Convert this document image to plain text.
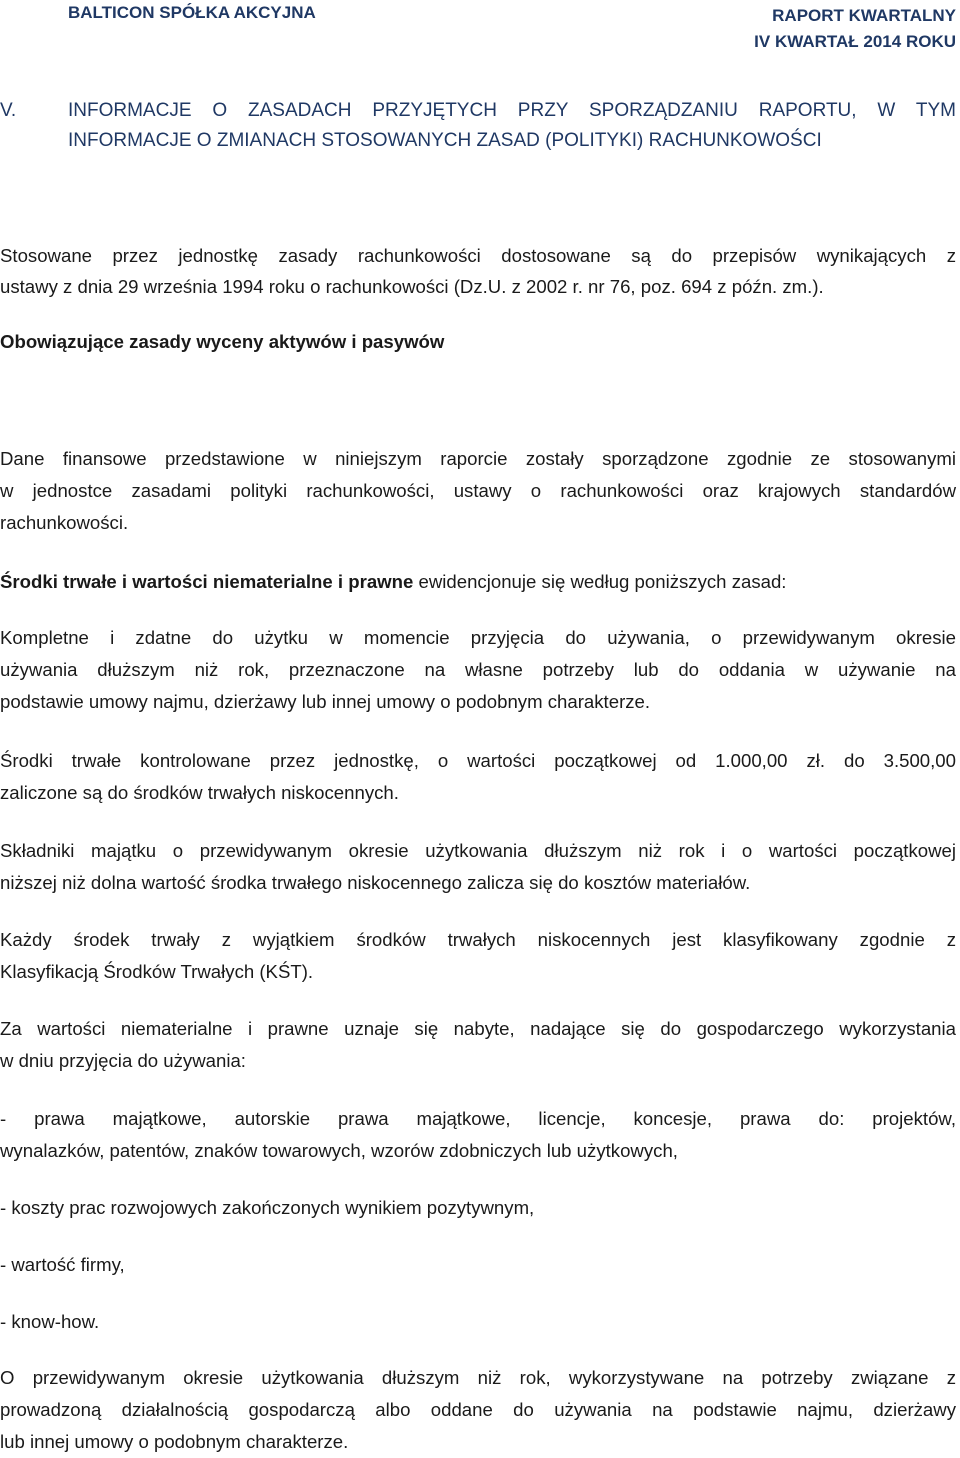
BALTICON SPÓŁKA AKCYJNA	RAPORT KWARTALNY
IV KWARTAŁ 2014 ROKU
V.	INFORMACJE O ZASADACH PRZYJĘTYCH PRZY SPORZĄDZANIU RAPORTU, W TYM
INFORMACJE O ZMIANACH STOSOWANYCH ZASAD (POLITYKI) RACHUNKOWOŚCI
Stosowane przez jednostkę zasady rachunkowości dostosowane są do przepisów wynikających z
ustawy z dnia 29 września 1994 roku o rachunkowości (Dz.U. z 2002 r. nr 76, poz. 694 z późn. zm.).
Obowiązujące zasady wyceny aktywów i pasywów
Dane finansowe przedstawione w niniejszym raporcie zostały sporządzone zgodnie ze stosowanymi
w jednostce zasadami polityki rachunkowości, ustawy o rachunkowości oraz krajowych standardów
rachunkowości.
Środki trwałe i wartości niematerialne i prawne ewidencjonuje się według poniższych zasad:
Kompletne i zdatne do użytku w momencie przyjęcia do używania, o przewidywanym okresie
używania dłuższym niż rok, przeznaczone na własne potrzeby lub do oddania w używanie na
podstawie umowy najmu, dzierżawy lub innej umowy o podobnym charakterze.
Środki trwałe kontrolowane przez jednostkę, o wartości początkowej od 1.000,00 zł. do 3.500,00
zaliczone są do środków trwałych niskocennych.
Składniki majątku o przewidywanym okresie użytkowania dłuższym niż rok i o wartości początkowej
niższej niż dolna wartość środka trwałego niskocennego zalicza się do kosztów materiałów.
Każdy środek trwały z wyjątkiem środków trwałych niskocennych jest klasyfikowany zgodnie z
Klasyfikacją Środków Trwałych (KŚT).
Za wartości niematerialne i prawne uznaje się nabyte, nadające się do gospodarczego wykorzystania
w dniu przyjęcia do używania:
- prawa majątkowe, autorskie prawa majątkowe, licencje, koncesje, prawa do: projektów,
wynalazków, patentów, znaków towarowych, wzorów zdobniczych lub użytkowych,
- koszty prac rozwojowych zakończonych wynikiem pozytywnym,
- wartość firmy,
- know-how.
O przewidywanym okresie użytkowania dłuższym niż rok, wykorzystywane na potrzeby związane z
prowadzoną działalnością gospodarczą albo oddane do używania na podstawie najmu, dzierżawy
lub innej umowy o podobnym charakterze.
